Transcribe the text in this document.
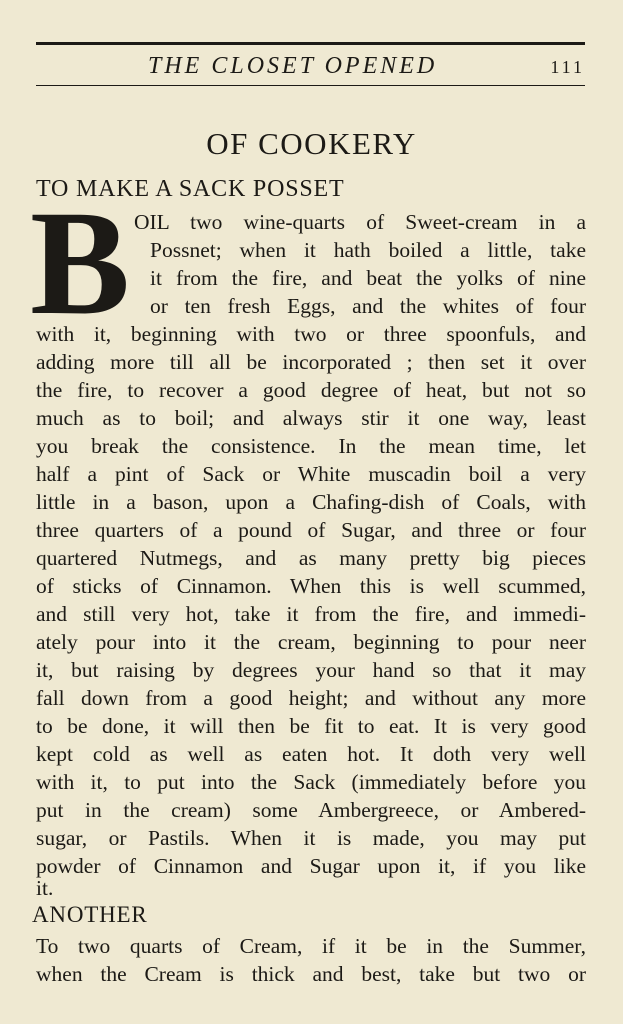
THE CLOSET OPENED	111
OF COOKERY
TO MAKE A SACK POSSET
B OIL two wine-quarts of Sweet-cream in a
Possnet; when it hath boiled a little, take
it from the fire, and beat the yolks of nine
or ten fresh Eggs, and the whites of four
with it, beginning with two or three spoonfuls, and
adding more till all be incorporated ; then set it over
the fire, to recover a good degree of heat, but not so
much as to boil; and always stir it one way, least
you break the consistence. In the mean time, let
half a pint of Sack or White muscadin boil a very
little in a bason, upon a Chafing-dish of Coals, with
three quarters of a pound of Sugar, and three or four
quartered Nutmegs, and as many pretty big pieces
of sticks of Cinnamon. When this is well scummed,
and still very hot, take it from the fire, and immedi-
ately pour into it the cream, beginning to pour neer
it, but raising by degrees your hand so that it may
fall down from a good height; and without any more
to be done, it will then be fit to eat. It is very good
kept cold as well as eaten hot. It doth very well
with it, to put into the Sack (immediately before you
put in the cream) some Ambergreece, or Ambered-
sugar, or Pastils. When it is made, you may put
powder of Cinnamon and Sugar upon it, if you like
it.
ANOTHER
To two quarts of Cream, if it be in the Summer,
when the Cream is thick and best, take but two or
